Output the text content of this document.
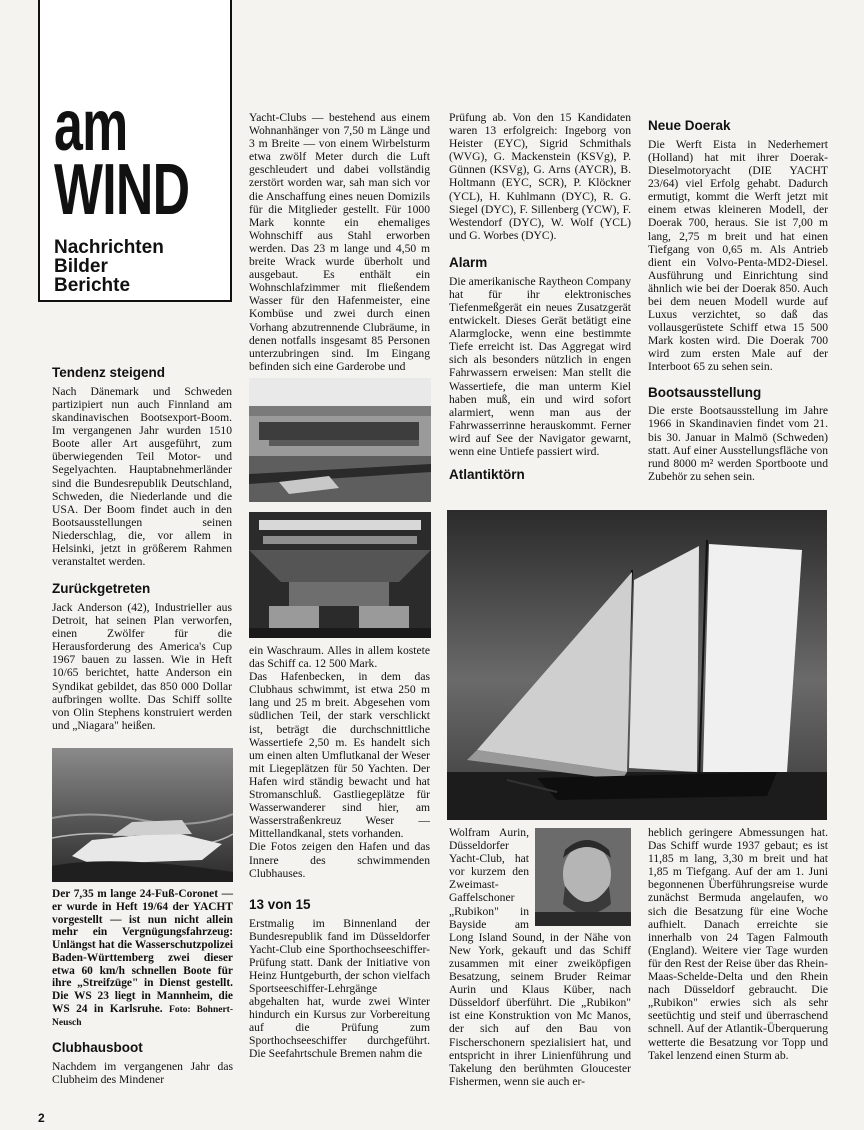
am
WIND
Nachrichten
Bilder
Berichte
Tendenz steigend

Nach Dänemark und Schweden partizipiert nun auch Finnland am skandinavischen Bootsexport-Boom. Im vergangenen Jahr wurden 1510 Boote aller Art ausgeführt, zum überwiegenden Teil Motor- und Segelyachten. Hauptabnehmerländer sind die Bundesrepublik Deutschland, Schweden, die Niederlande und die USA. Der Boom findet auch in den Bootsausstellungen seinen Niederschlag, die, vor allem in Helsinki, jetzt in größerem Rahmen veranstaltet werden.

Zurückgetreten

Jack Anderson (42), Industrieller aus Detroit, hat seinen Plan verworfen, einen Zwölfer für die Herausforderung des America's Cup 1967 bauen zu lassen. Wie in Heft 10/65 berichtet, hatte Anderson ein Syndikat gebildet, das 850 000 Dollar aufbringen wollte. Das Schiff sollte von Olin Stephens konstruiert werden und „Niagara" heißen.

Der 7,35 m lange 24-Fuß-Coronet — er wurde in Heft 19/64 der YACHT vorgestellt — ist nun nicht allein mehr ein Vergnügungsfahrzeug: Unlängst hat die Wasserschutzpolizei Baden-Württemberg zwei dieser etwa 60 km/h schnellen Boote für ihre „Streifzüge" in Dienst gestellt. Die WS 23 liegt in Mannheim, die WS 24 in Karlsruhe. Foto: Bohnert-Neusch
Clubhausboot

Nachdem im vergangenen Jahr das Clubheim des Mindener

Yacht-Clubs — bestehend aus einem Wohnanhänger von 7,50 m Länge und 3 m Breite — von einem Wirbelsturm etwa zwölf Meter durch die Luft geschleudert und dabei vollständig zerstört worden war, sah man sich vor die Anschaffung eines neuen Domizils für die Mitglieder gestellt. Für 1000 Mark konnte ein ehemaliges Wohnschiff aus Stahl erworben werden. Das 23 m lange und 4,50 m breite Wrack wurde überholt und ausgebaut. Es enthält ein Wohnschlafzimmer mit fließendem Wasser für den Hafenmeister, eine Kombüse und zwei durch einen Vorhang abzutrennende Clubräume, in denen notfalls insgesamt 85 Personen unterzubringen sind. Im Eingang befinden sich eine Garderobe und

ein Waschraum. Alles in allem kostete das Schiff ca. 12 500 Mark.

Das Hafenbecken, in dem das Clubhaus schwimmt, ist etwa 250 m lang und 25 m breit. Abgesehen vom südlichen Teil, der stark verschlickt ist, beträgt die durchschnittliche Wassertiefe 2,50 m. Es handelt sich um einen alten Umflutkanal der Weser mit Liegeplätzen für 50 Yachten. Der Hafen wird ständig bewacht und hat Stromanschluß. Gastliegeplätze für Wasserwanderer sind hier, am Wasserstraßenkreuz Weser — Mittellandkanal, stets vorhanden.

Die Fotos zeigen den Hafen und das Innere des schwimmenden Clubhauses.

13 von 15

Erstmalig im Binnenland der Bundesrepublik fand im Düsseldorfer Yacht-Club eine Sporthochseeschiffer-Prüfung statt. Dank der Initiative von Heinz Huntgeburth, der schon vielfach Sportseeschiffer-Lehrgänge abgehalten hat, wurde zwei Winter hindurch ein Kursus zur Vorbereitung auf die Prüfung zum Sporthochseeschiffer durchgeführt. Die Seefahrtschule Bremen nahm die

Prüfung ab. Von den 15 Kandidaten waren 13 erfolgreich: Ingeborg von Heister (EYC), Sigrid Schmithals (WVG), G. Mackenstein (KSVg), P. Günnen (KSVg), G. Arns (AYCR), B. Holtmann (EYC, SCR), P. Klöckner (YCL), H. Kuhlmann (DYC), R. G. Siegel (DYC), F. Sillenberg (YCW), F. Westendorf (DYC), W. Wolf (YCL) und G. Worbes (DYC).

Alarm

Die amerikanische Raytheon Company hat für ihr elektronisches Tiefenmeßgerät ein neues Zusatzgerät entwickelt. Dieses Gerät betätigt eine Alarmglocke, wenn eine bestimmte Tiefe erreicht ist. Das Aggregat wird sich als besonders nützlich in engen Fahrwassern erweisen: Man stellt die Wassertiefe, die man unterm Kiel haben muß, ein und wird sofort alarmiert, wenn man aus der Fahrwasserrinne herauskommt. Ferner wird auf See der Navigator gewarnt, wenn eine Untiefe passiert wird.

Atlantiktörn
Neue Doerak

Die Werft Eista in Nederhemert (Holland) hat mit ihrer Doerak-Dieselmotoryacht (DIE YACHT 23/64) viel Erfolg gehabt. Dadurch ermutigt, kommt die Werft jetzt mit einem etwas kleineren Modell, der Doerak 700, heraus. Sie ist 7,00 m lang, 2,75 m breit und hat einen Tiefgang von 0,65 m. Als Antrieb dient ein Volvo-Penta-MD2-Diesel. Ausführung und Einrichtung sind ähnlich wie bei der Doerak 850. Auch bei dem neuen Modell wurde auf Luxus verzichtet, so daß das vollausgerüstete Schiff etwa 15 500 Mark kosten wird. Die Doerak 700 wird zum ersten Male auf der Interboot 65 zu sehen sein.

Bootsausstellung

Die erste Bootsausstellung im Jahre 1966 in Skandinavien findet vom 21. bis 30. Januar in Malmö (Schweden) statt. Auf einer Ausstellungsfläche von rund 8000 m² werden Sportboote und Zubehör zu sehen sein.

Wolfram Aurin, Düsseldorfer Yacht-Club, hat vor kurzem den Zweimast-Gaffelschoner „Rubikon" in Bayside am Long Island Sound, in der Nähe von New York, gekauft und das Schiff zusammen mit einer zweiköpfigen Besatzung, seinem Bruder Reimar Aurin und Klaus Küber, nach Düsseldorf überführt. Die „Rubikon" ist eine Konstruktion von Mc Manos, der sich auf den Bau von Fischerschonern spezialisiert hat, und entspricht in ihrer Linienführung und Takelung den berühmten Gloucester Fishermen, wenn sie auch er-

heblich geringere Abmessungen hat. Das Schiff wurde 1937 gebaut; es ist 11,85 m lang, 3,30 m breit und hat 1,85 m Tiefgang. Auf der am 1. Juni begonnenen Überführungsreise wurde zunächst Bermuda angelaufen, wo sich die Besatzung für eine Woche aufhielt. Danach erreichte sie innerhalb von 24 Tagen Falmouth (England). Weitere vier Tage wurden für den Rest der Reise über das Rhein-Maas-Schelde-Delta und den Rhein nach Düsseldorf gebraucht. Die „Rubikon" erwies sich als sehr seetüchtig und steif und überraschend schnell. Auf der Atlantik-Überquerung wetterte die Besatzung vor Topp und Takel lenzend einen Sturm ab.

2
